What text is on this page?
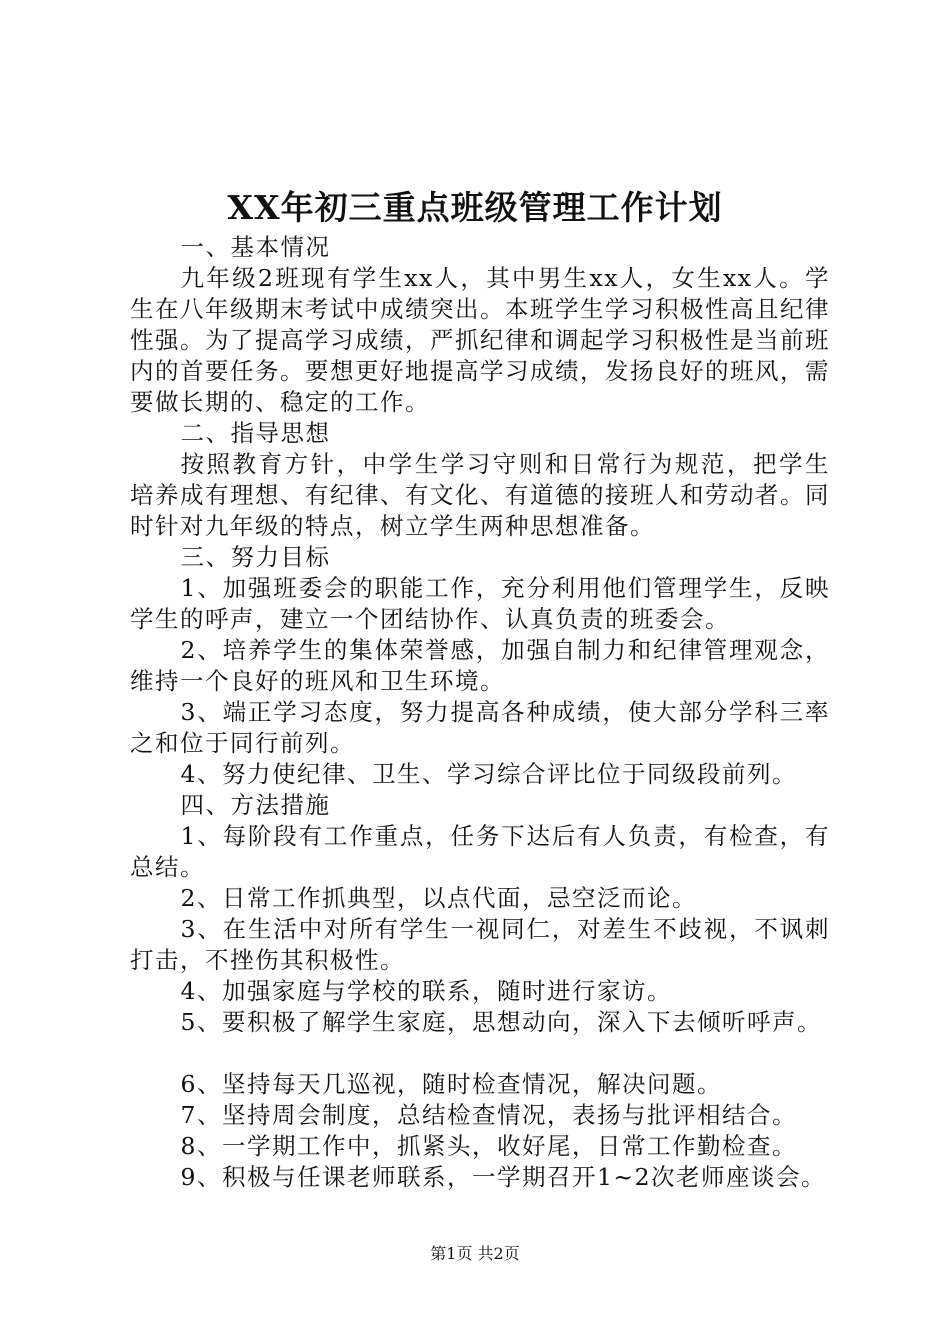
XX年初三重点班级管理工作计划

一、基本情况

九年级2班现有学生xx人，其中男生xx人，女生xx人。学生在八年级期末考试中成绩突出。本班学生学习积极性高且纪律性强。为了提高学习成绩，严抓纪律和调起学习积极性是当前班内的首要任务。要想更好地提高学习成绩，发扬良好的班风，需要做长期的、稳定的工作。

二、指导思想

按照教育方针，中学生学习守则和日常行为规范，把学生培养成有理想、有纪律、有文化、有道德的接班人和劳动者。同时针对九年级的特点，树立学生两种思想准备。

三、努力目标

1、加强班委会的职能工作，充分利用他们管理学生，反映学生的呼声，建立一个团结协作、认真负责的班委会。

2、培养学生的集体荣誉感，加强自制力和纪律管理观念，维持一个良好的班风和卫生环境。

3、端正学习态度，努力提高各种成绩，使大部分学科三率之和位于同行前列。

4、努力使纪律、卫生、学习综合评比位于同级段前列。

四、方法措施

1、每阶段有工作重点，任务下达后有人负责，有检查，有总结。

2、日常工作抓典型，以点代面，忌空泛而论。

3、在生活中对所有学生一视同仁，对差生不歧视，不讽刺打击，不挫伤其积极性。

4、加强家庭与学校的联系，随时进行家访。

5、要积极了解学生家庭，思想动向，深入下去倾听呼声。

6、坚持每天几巡视，随时检查情况，解决问题。

7、坚持周会制度，总结检查情况，表扬与批评相结合。

8、一学期工作中，抓紧头，收好尾，日常工作勤检查。

9、积极与任课老师联系，一学期召开1~2次老师座谈会。

第1页 共2页
